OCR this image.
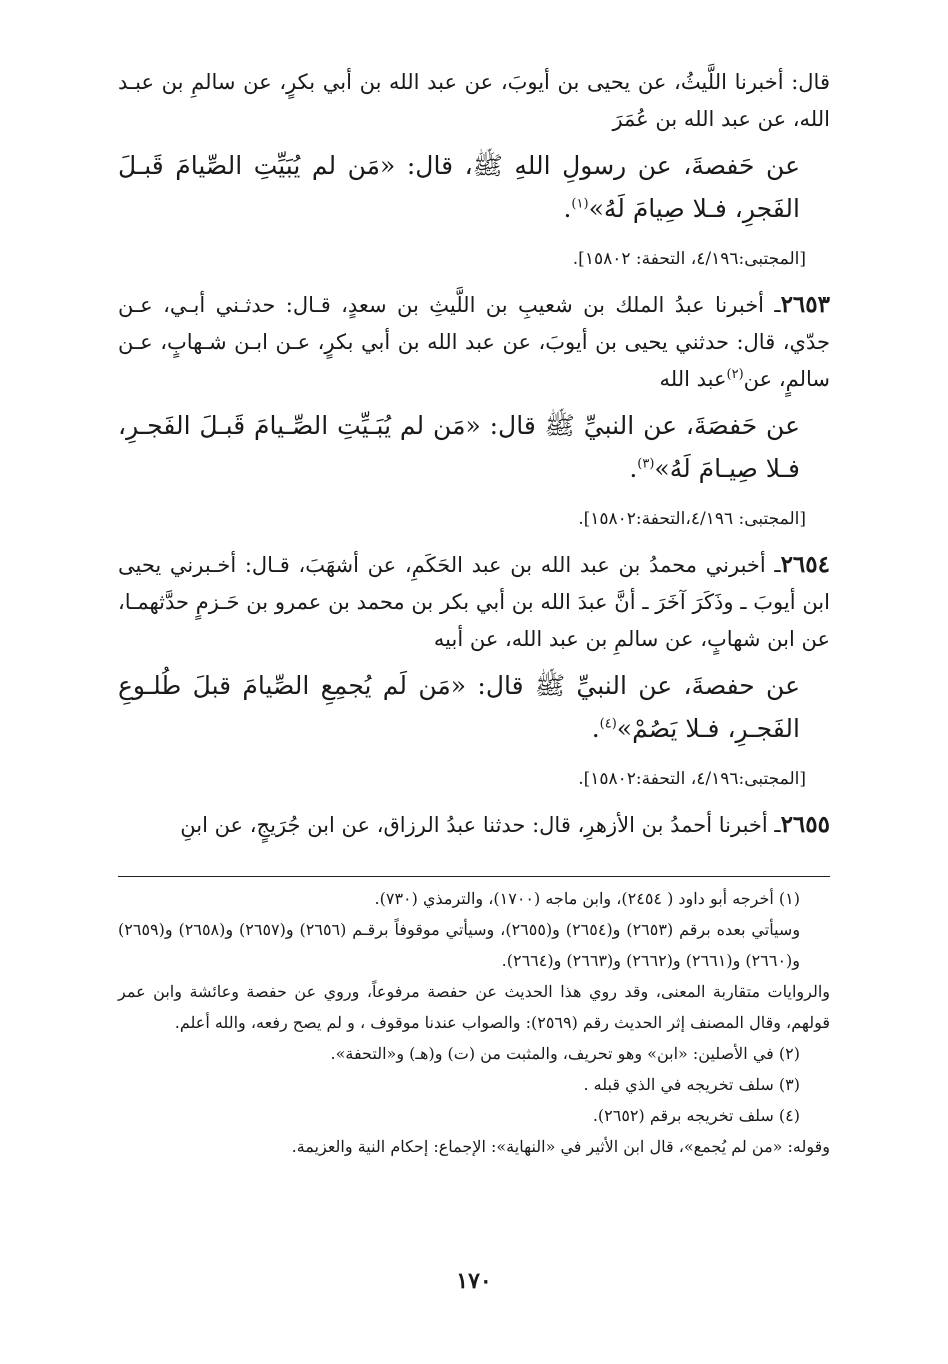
قال: أخبرنا اللَّيثُ، عن يحيى بن أيوبَ، عن عبد الله بن أبي بكرٍ، عن سالمِ بن عبـد الله، عن عبد الله بن عُمَرَ

عن حَفصةَ، عن رسولِ اللهِ ﷺ، قال: «مَن لم يُبَيِّتِ الصِّيامَ قَبـلَ الفَجرِ، فـلا صِيامَ لَهُ»$^{(١)}$.

[المجتبى:٤/١٩٦، التحفة: ١٥٨٠٢].

٢٦٥٣ـ أخبرنا عبدُ الملك بن شعيبِ بن اللَّيثِ بن سعدٍ، قـال: حدثـني أبـي، عـن جدّي، قال: حدثني يحيى بن أيوبَ، عن عبد الله بن أبي بكرٍ، عـن ابـن شـهابٍ، عـن سالمٍ، عن$^{(٢)}$عبد الله

عن حَفصَةَ، عن النبيِّ ﷺ قال: «مَن لم يُبَـيِّتِ الصِّـيامَ قَبـلَ الفَجـرِ، فـلا صِيـامَ لَهُ»$^{(٣)}$.

[المجتبى: ٤/١٩٦،التحفة:١٥٨٠٢].

٢٦٥٤ـ أخبرني محمدُ بن عبد الله بن عبد الحَكَمِ، عن أشهَبَ، قـال: أخـبرني يحيى ابن أيوبَ ـ وذَكَرَ آخَرَ ـ أنَّ عبدَ الله بن أبي بكر بن محمد بن عمرو بن حَـزمٍ حدَّثهمـا، عن ابن شهابٍ، عن سالمِ بن عبد الله، عن أبيه

عن حفصةَ، عن النبيِّ ﷺ قال: «مَن لَم يُجمِعِ الصِّيامَ قبلَ طُلـوعِ الفَجـرِ، فـلا يَصُمْ»$^{(٤)}$.

[المجتبى:٤/١٩٦، التحفة:١٥٨٠٢].

٢٦٥٥ـ أخبرنا أحمدُ بن الأزهرِ، قال: حدثنا عبدُ الرزاق، عن ابن جُرَيجٍ، عن ابنِ

(١) أخرجه أبو داود ( ٢٤٥٤)، وابن ماجه (١٧٠٠)، والترمذي (٧٣٠).

وسيأتي بعده برقم (٢٦٥٣) و(٢٦٥٤) و(٢٦٥٥)، وسيأتي موقوفاً برقـم (٢٦٥٦) و(٢٦٥٧) و(٢٦٥٨) و(٢٦٥٩) و(٢٦٦٠) و(٢٦٦١) و(٢٦٦٢) و(٢٦٦٣) و(٢٦٦٤).

والروايات متقاربة المعنى، وقد روي هذا الحديث عن حفصة مرفوعاً، وروي عن حفصة وعائشة وابن عمر قولهم، وقال المصنف إثر الحديث رقم (٢٥٦٩): والصواب عندنا موقوف ، و لم يصح رفعه، والله أعلم.

(٢) في الأصلين: «ابن» وهو تحريف، والمثبت من (ت) و(هـ) و«التحفة».

(٣) سلف تخريجه في الذي قبله .

(٤) سلف تخريجه برقم (٢٦٥٢).

وقوله: «من لم يُجمع»، قال ابن الأثير في «النهاية»: الإجماع: إحكام النية والعزيمة.

١٧٠
